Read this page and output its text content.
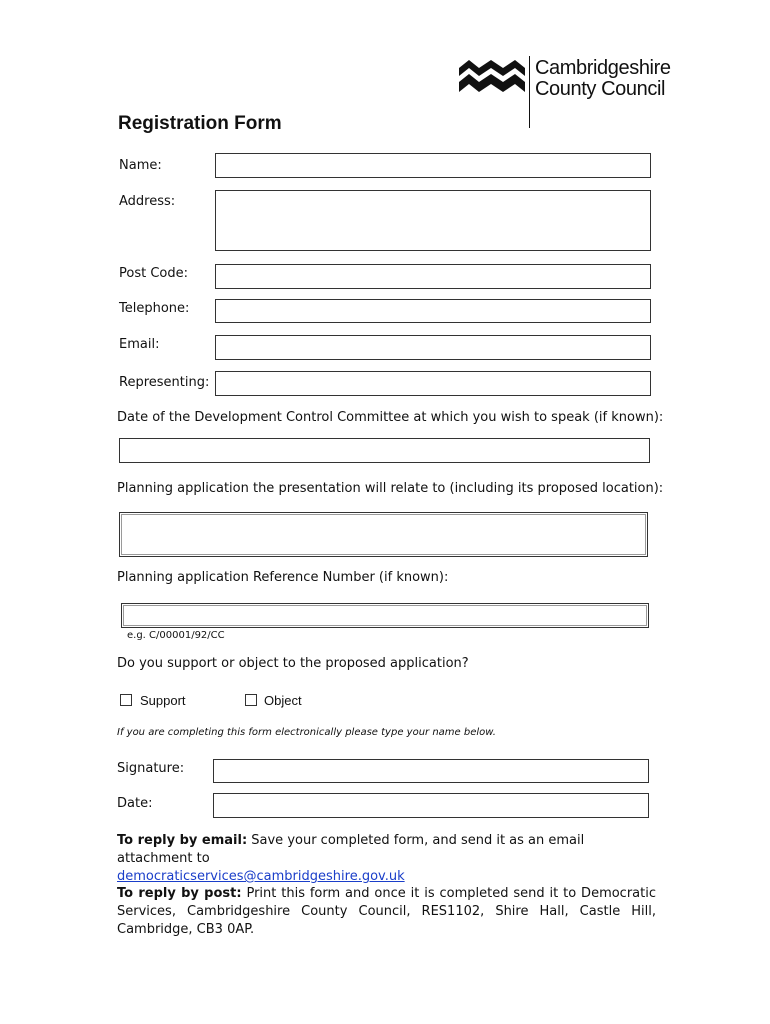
Cambridgeshire
County Council
Registration Form
Name:
Address:
Post Code:
Telephone:
Email:
Representing:
Date of the Development Control Committee at which you wish to speak (if known):
Planning application the presentation will relate to (including its proposed location):
Planning application Reference Number (if known):
e.g. C/00001/92/CC
Do you support or object to the proposed application?
Support	Object
If you are completing this form electronically please type your name below.
Signature:
Date:
To reply by email: Save your completed form, and send it as an email attachment to
democraticservices@cambridgeshire.gov.uk
To reply by post: Print this form and once it is completed send it to Democratic Services, Cambridgeshire County Council, RES1102, Shire Hall, Castle Hill, Cambridge, CB3 0AP.
